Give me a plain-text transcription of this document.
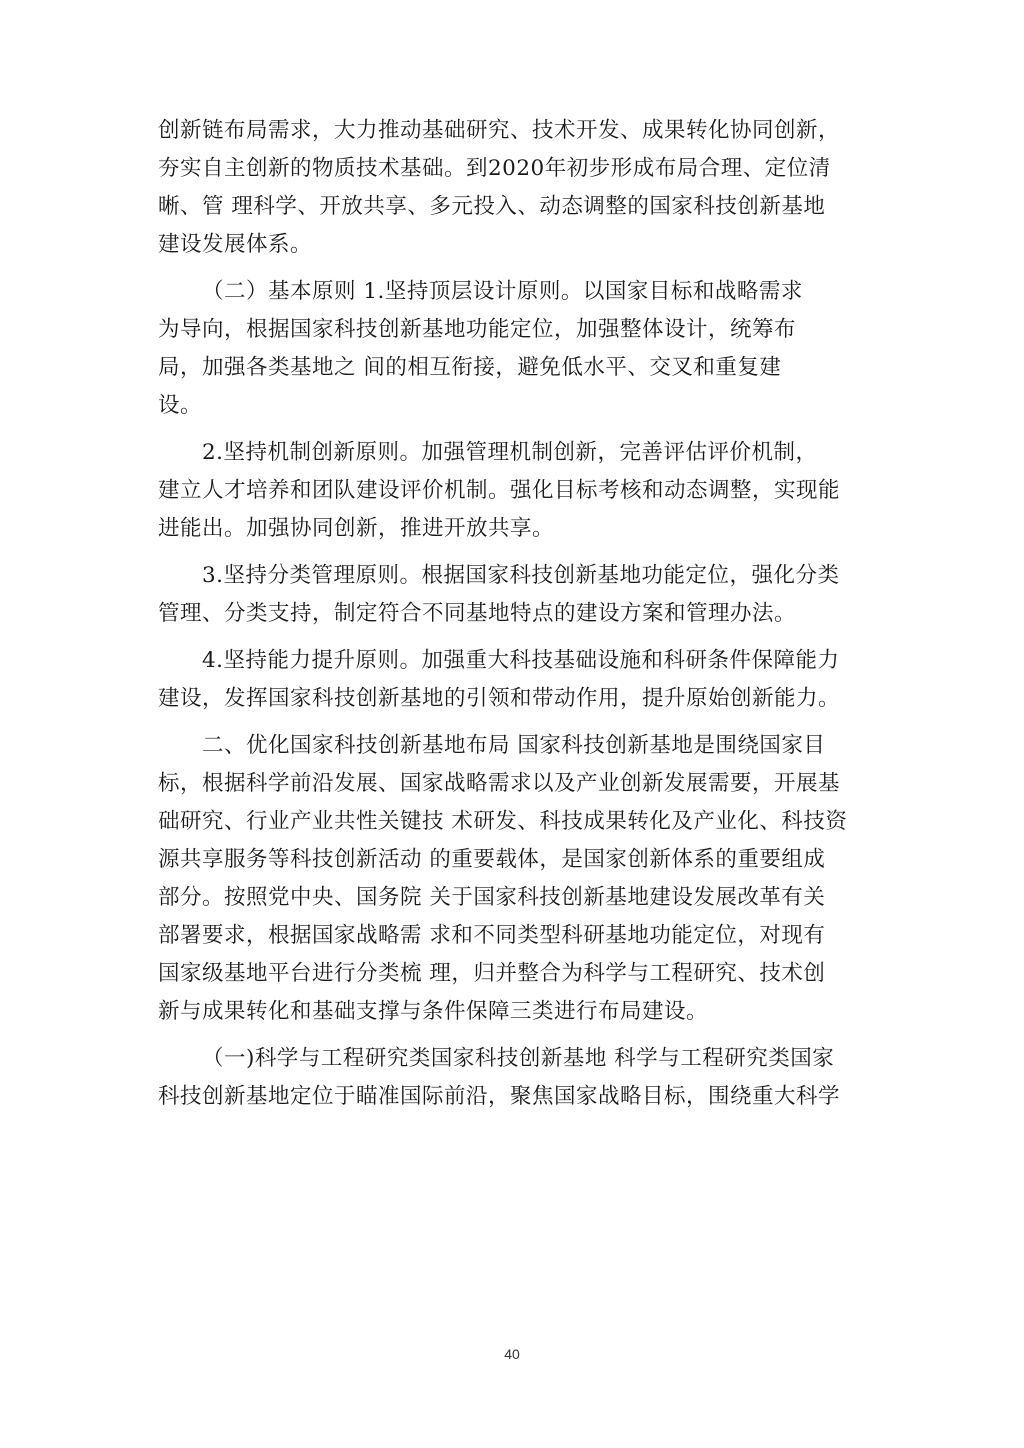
创新链布局需求，大力推动基础研究、技术开发、成果转化协同创新，
夯实自主创新的物质技术基础。到2020年初步形成布局合理、定位清
晰、管 理科学、开放共享、多元投入、动态调整的国家科技创新基地
建设发展体系。
（二）基本原则 1.坚持顶层设计原则。以国家目标和战略需求
为导向，根据国家科技创新基地功能定位，加强整体设计，统筹布
局，加强各类基地之 间的相互衔接，避免低水平、交叉和重复建
设。
2.坚持机制创新原则。加强管理机制创新，完善评估评价机制，
建立人才培养和团队建设评价机制。强化目标考核和动态调整，实现能
进能出。加强协同创新，推进开放共享。
3.坚持分类管理原则。根据国家科技创新基地功能定位，强化分类
管理、分类支持，制定符合不同基地特点的建设方案和管理办法。
4.坚持能力提升原则。加强重大科技基础设施和科研条件保障能力
建设，发挥国家科技创新基地的引领和带动作用，提升原始创新能力。
二、优化国家科技创新基地布局 国家科技创新基地是围绕国家目
标，根据科学前沿发展、国家战略需求以及产业创新发展需要，开展基
础研究、行业产业共性关键技 术研发、科技成果转化及产业化、科技资
源共享服务等科技创新活动 的重要载体，是国家创新体系的重要组成
部分。按照党中央、国务院 关于国家科技创新基地建设发展改革有关
部署要求，根据国家战略需 求和不同类型科研基地功能定位，对现有
国家级基地平台进行分类梳 理，归并整合为科学与工程研究、技术创
新与成果转化和基础支撑与条件保障三类进行布局建设。
（一)科学与工程研究类国家科技创新基地 科学与工程研究类国家
科技创新基地定位于瞄准国际前沿，聚焦国家战略目标，围绕重大科学
40
